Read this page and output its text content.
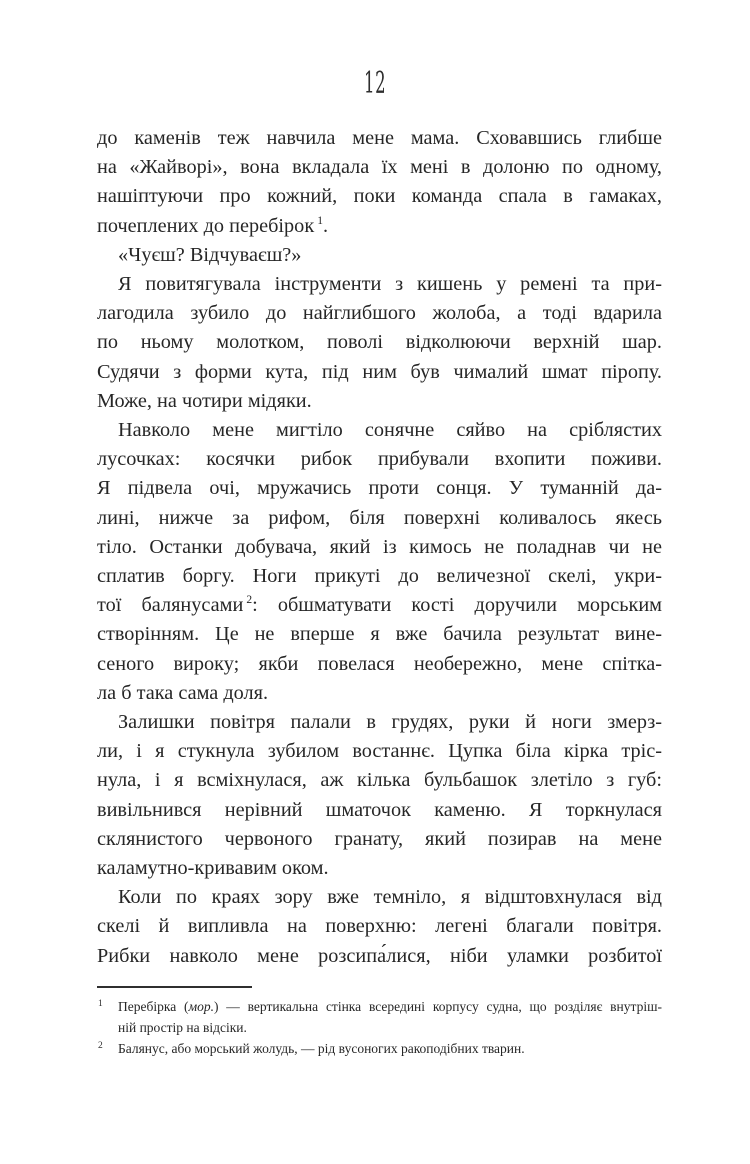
12
до каменів теж навчила мене мама. Сховавшись глибше
на «Жайворі», вона вкладала їх мені в долоню по одному,
нашіптуючи про кожний, поки команда спала в гамаках,
почеплених до перебірок $^1$.
«Чуєш? Відчуваєш?»
Я повитягувала інструменти з кишень у ремені та при-
лагодила зубило до найглибшого жолоба, а тоді вдарила
по ньому молотком, поволі відколюючи верхній шар.
Судячи з форми кута, під ним був чималий шмат піропу.
Може, на чотири мідяки.
Навколо мене мигтіло сонячне сяйво на сріблястих
лусочках: косячки рибок прибували вхопити поживи.
Я підвела очі, мружачись проти сонця. У туманній да-
лині, нижче за рифом, біля поверхні коливалось якесь
тіло. Останки добувача, який із кимось не поладнав чи не
сплатив боргу. Ноги прикуті до величезної скелі, укри-
тої балянусами $^2$: обшматувати кості доручили морським
створінням. Це не вперше я вже бачила результат вине-
сеного вироку; якби повелася необережно, мене спітка-
ла б така сама доля.
Залишки повітря палали в грудях, руки й ноги змерз-
ли, і я стукнула зубилом востаннє. Цупка біла кірка тріс-
нула, і я всміхнулася, аж кілька бульбашок злетіло з губ:
вивільнився нерівний шматочок каменю. Я торкнулася
склянистого червоного гранату, який позирав на мене
каламутно-кривавим оком.
Коли по краях зору вже темніло, я відштовхнулася від
скелі й випливла на поверхню: легені благали повітря.
Рибки навколо мене розсипа́лися, ніби уламки розбитої
1 Перебірка (мор.) — вертикальна стінка всередині корпусу судна, що розділяє внутріш-
ній простір на відсіки.
2 Балянус, або морський жолудь, — рід вусоногих ракоподібних тварин.
